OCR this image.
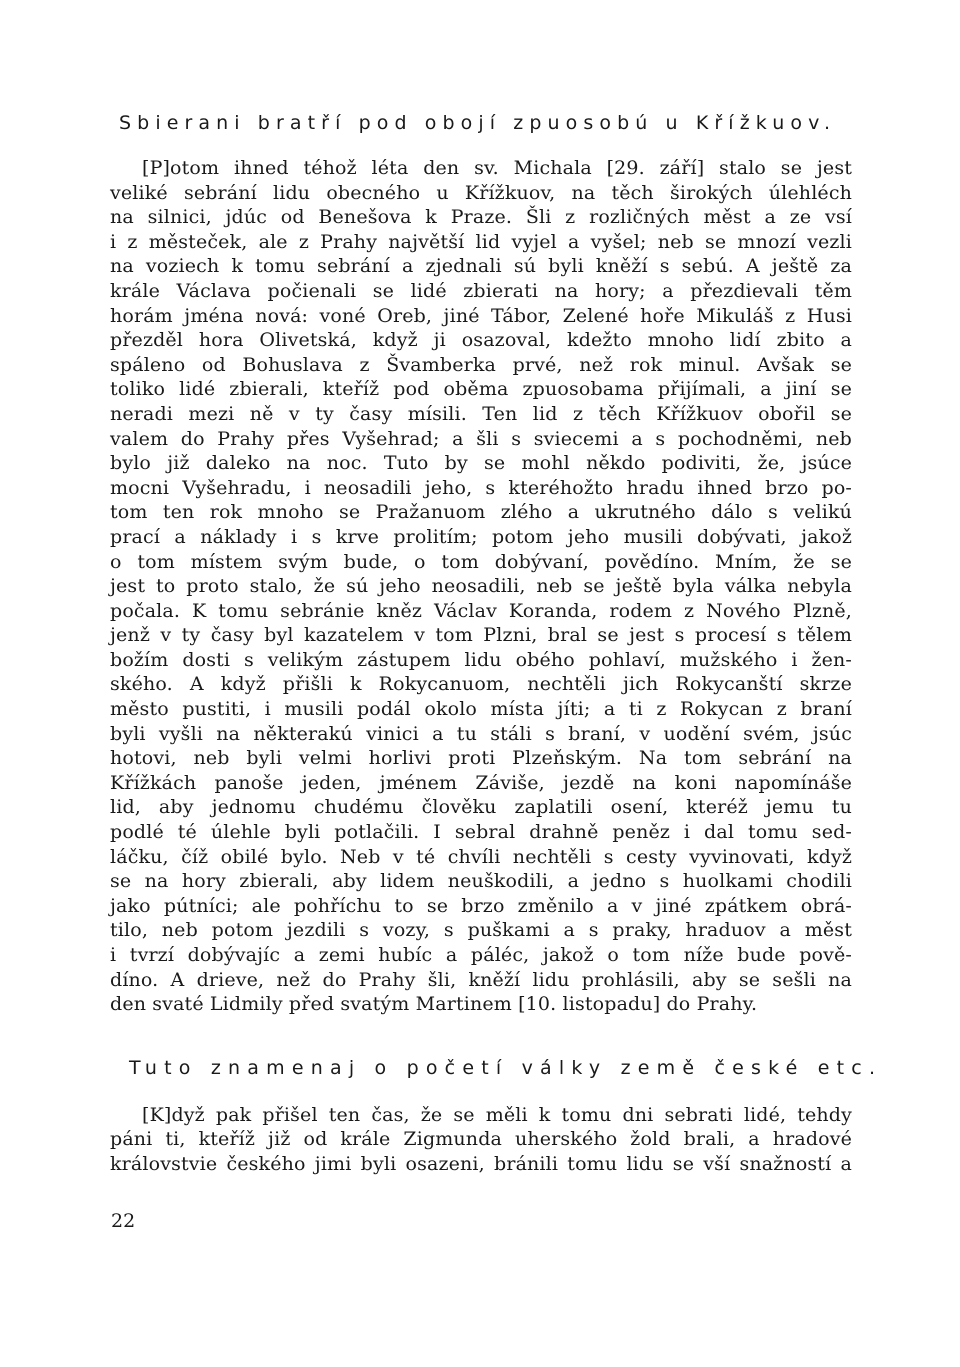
Sbierani bratří pod obojí zpuosobú u Křížkuov.

[P]otom ihned téhož léta den sv. Michala [29. září] stalo se jest
veliké sebrání lidu obecného u Křížkuov, na těch širokých úlehléch
na silnici, jdúc od Benešova k Praze. Šli z rozličných měst a ze vsí
i z městeček, ale z Prahy najvětší lid vyjel a vyšel; neb se mnozí vezli
na voziech k tomu sebrání a zjednali sú byli kněží s sebú. A ještě za
krále Václava počienali se lidé zbierati na hory; a přezdievali těm
horám jména nová: voné Oreb, jiné Tábor, Zelené hoře Mikuláš z Husi
přezděl hora Olivetská, když ji osazoval, kdežto mnoho lidí zbito a
spáleno od Bohuslava z Švamberka prvé, než rok minul. Avšak se
toliko lidé zbierali, kteříž pod oběma zpuosobama přijímali, a jiní se
neradi mezi ně v ty časy mísili. Ten lid z těch Křížkuov obořil se
valem do Prahy přes Vyšehrad; a šli s sviecemi a s pochodněmi, neb
bylo již daleko na noc. Tuto by se mohl někdo podiviti, že, jsúce
mocni Vyšehradu, i neosadili jeho, s kteréhožto hradu ihned brzo po-
tom ten rok mnoho se Pražanuom zlého a ukrutného dálo s velikú
prací a náklady i s krve prolitím; potom jeho musili dobývati, jakož
o tom místem svým bude, o tom dobývaní, povědíno. Mním, že se
jest to proto stalo, že sú jeho neosadili, neb se ještě byla válka nebyla
počala. K tomu sebránie kněz Václav Koranda, rodem z Nového Plzně,
jenž v ty časy byl kazatelem v tom Plzni, bral se jest s procesí s tělem
božím dosti s velikým zástupem lidu obého pohlaví, mužského i žen-
ského. A když přišli k Rokycanuom, nechtěli jich Rokycanští skrze
město pustiti, i musili podál okolo místa jíti; a ti z Rokycan z braní
byli vyšli na některakú vinici a tu stáli s braní, v uodění svém, jsúc
hotovi, neb byli velmi horlivi proti Plzeňským. Na tom sebrání na
Křížkách panoše jeden, jménem Záviše, jezdě na koni napomínáše
lid, aby jednomu chudému člověku zaplatili osení, kteréž jemu tu
podlé té úlehle byli potlačili. I sebral drahně peněz i dal tomu sed-
láčku, číž obilé bylo. Neb v té chvíli nechtěli s cesty vyvinovati, když
se na hory zbierali, aby lidem neuškodili, a jedno s huolkami chodili
jako pútníci; ale pohříchu to se brzo změnilo a v jiné zpátkem obrá-
tilo, neb potom jezdili s vozy, s puškami a s praky, hraduov a měst
i tvrzí dobývajíc a zemi hubíc a páléc, jakož o tom níže bude pově-
díno. A drieve, než do Prahy šli, kněží lidu prohlásili, aby se sešli na
den svaté Lidmily před svatým Martinem [10. listopadu] do Prahy.

Tuto znamenaj o početí války země české etc.

[K]dyž pak přišel ten čas, že se měli k tomu dni sebrati lidé, tehdy
páni ti, kteříž již od krále Zigmunda uherského žold brali, a hradové
královstvie českého jimi byli osazeni, bránili tomu lidu se vší snažností a

22
